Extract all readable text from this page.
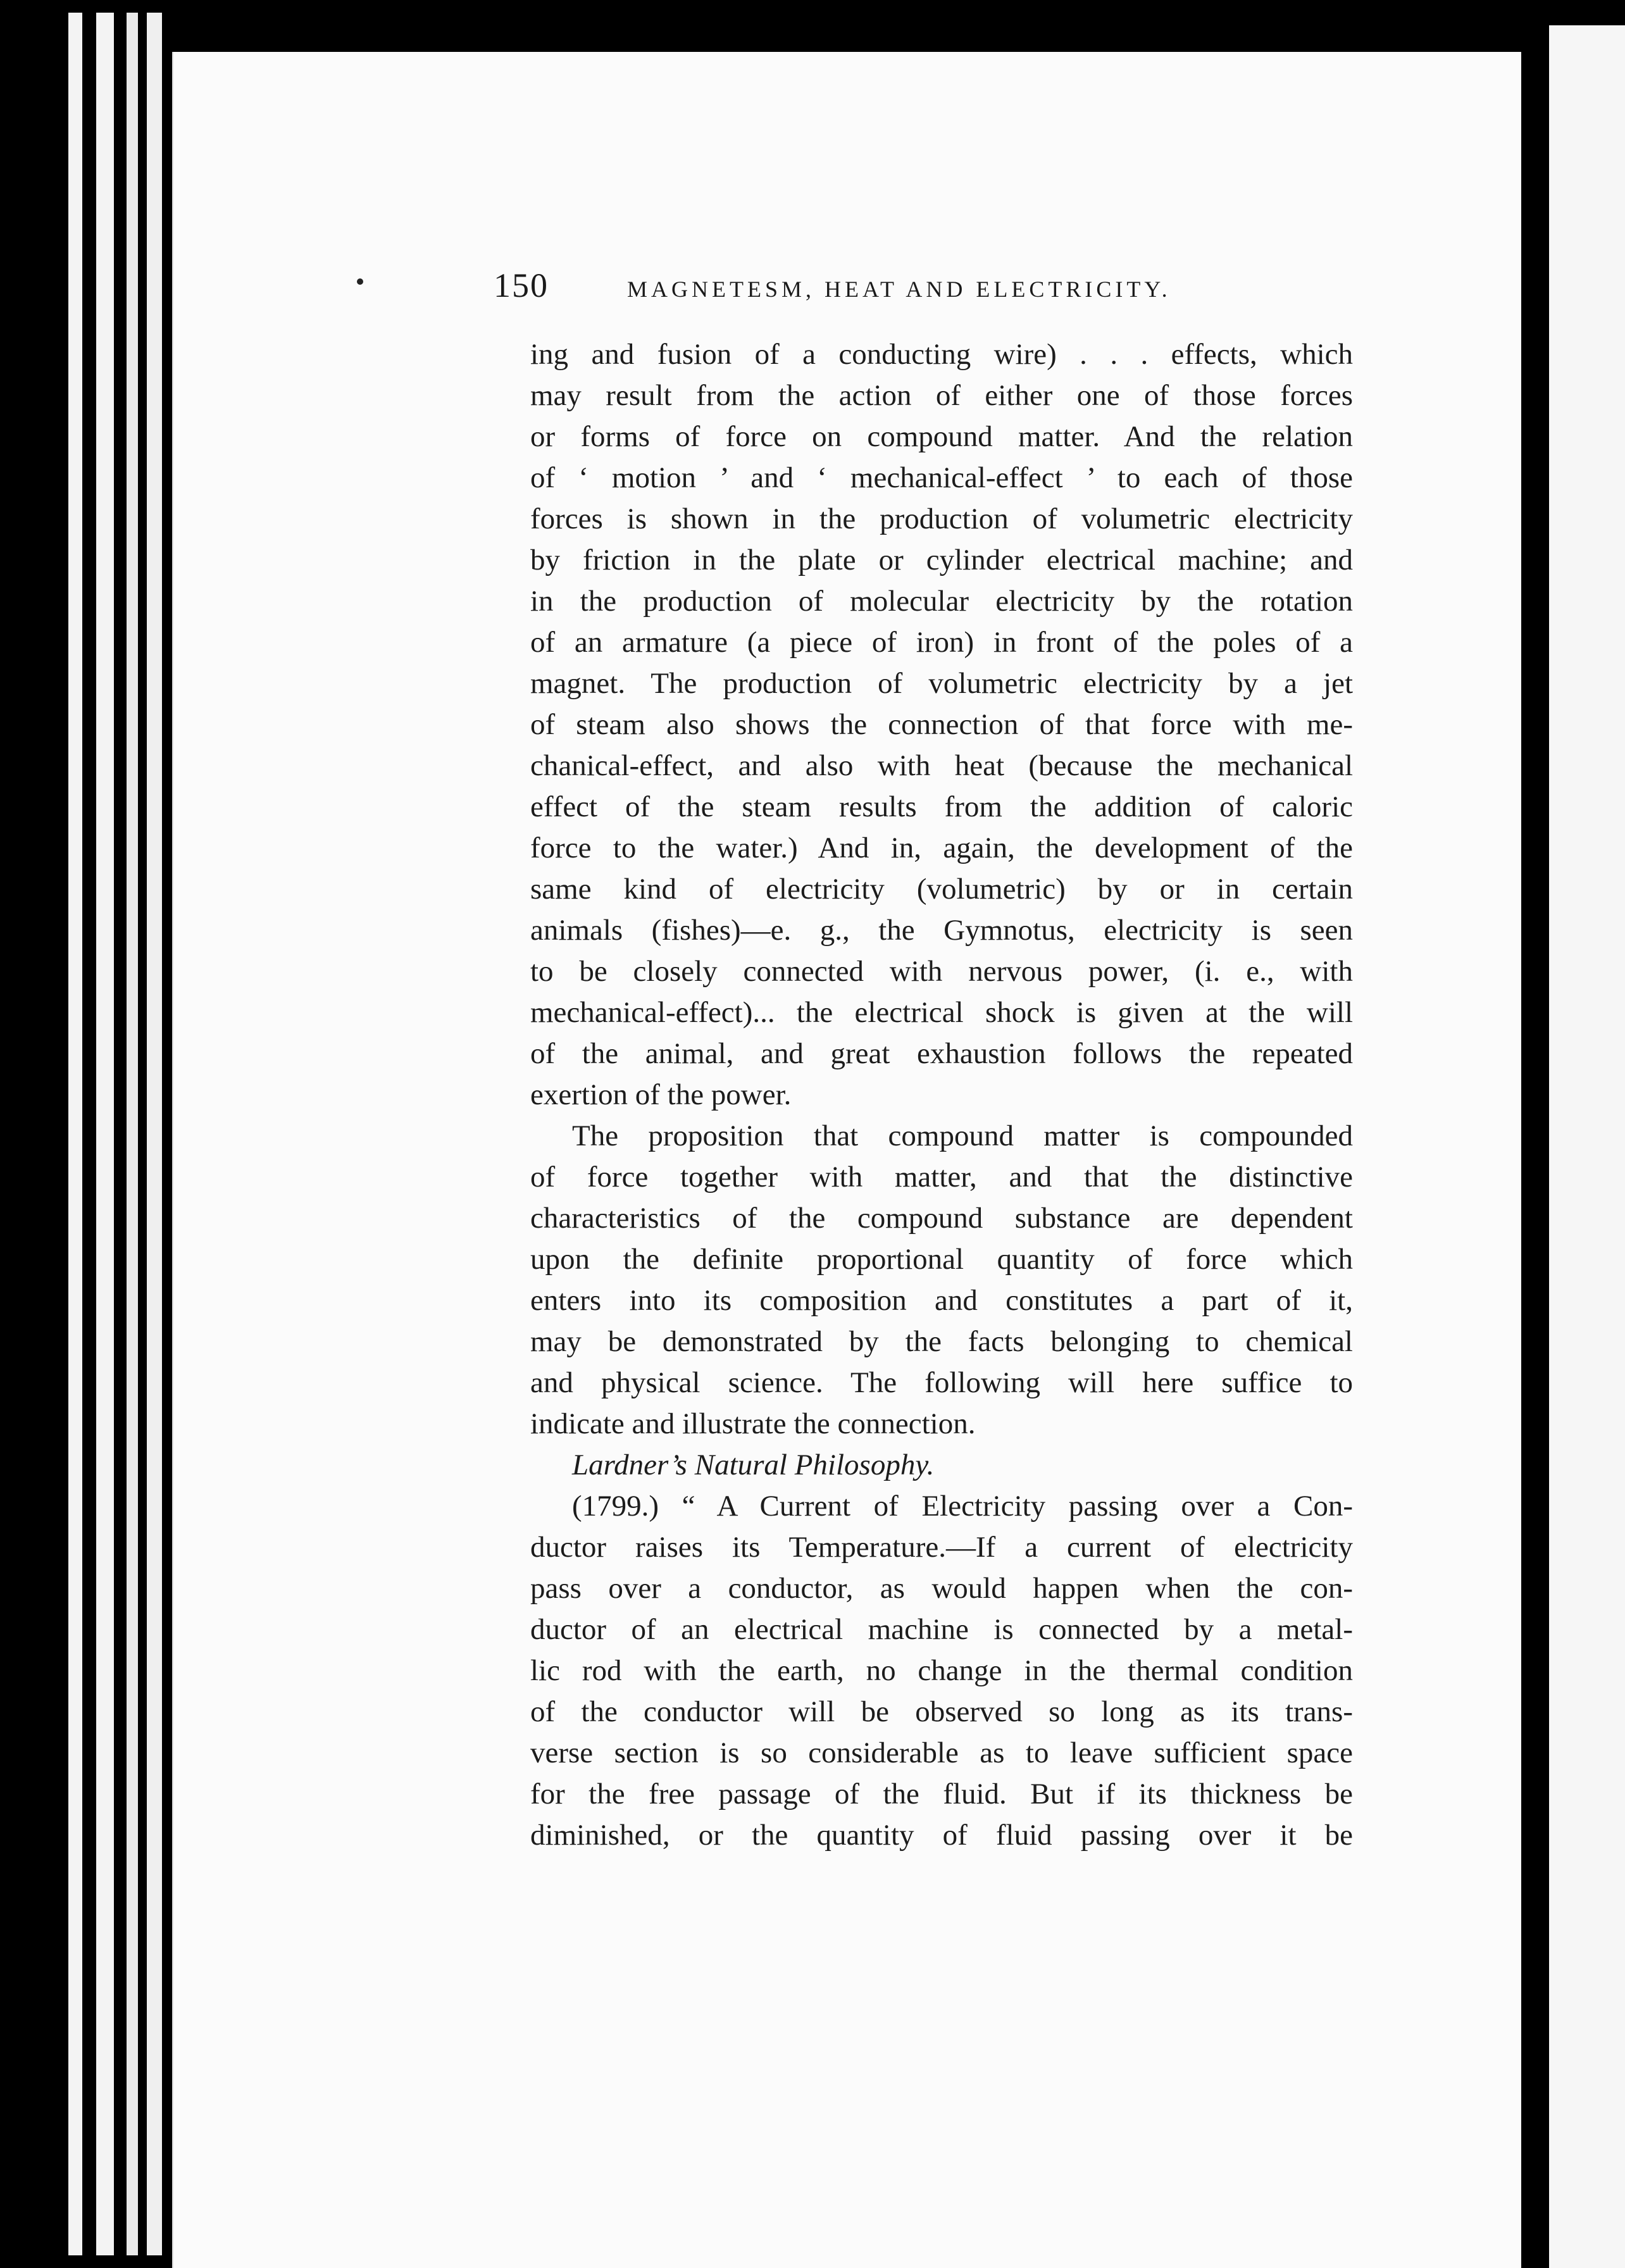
150	MAGNETESM, HEAT AND ELECTRICITY.
ing and fusion of a conducting wire) . . . effects, which
may result from the action of either one of those forces
or forms of force on compound matter. And the relation
of ‘ motion ’ and ‘ mechanical-effect ’ to each of those
forces is shown in the production of volumetric electricity
by friction in the plate or cylinder electrical machine; and
in the production of molecular electricity by the rotation
of an armature (a piece of iron) in front of the poles of a
magnet. The production of volumetric electricity by a jet
of steam also shows the connection of that force with me-
chanical-effect, and also with heat (because the mechanical
effect of the steam results from the addition of caloric
force to the water.) And in, again, the development of the
same kind of electricity (volumetric) by or in certain
animals (fishes)—e. g., the Gymnotus, electricity is seen
to be closely connected with nervous power, (i. e., with
mechanical-effect)... the electrical shock is given at the will
of the animal, and great exhaustion follows the repeated
exertion of the power.
The proposition that compound matter is compounded
of force together with matter, and that the distinctive
characteristics of the compound substance are dependent
upon the definite proportional quantity of force which
enters into its composition and constitutes a part of it,
may be demonstrated by the facts belonging to chemical
and physical science. The following will here suffice to
indicate and illustrate the connection.
Lardner’s Natural Philosophy.
(1799.) “ A Current of Electricity passing over a Con-
ductor raises its Temperature.—If a current of electricity
pass over a conductor, as would happen when the con-
ductor of an electrical machine is connected by a metal-
lic rod with the earth, no change in the thermal condition
of the conductor will be observed so long as its trans-
verse section is so considerable as to leave sufficient space
for the free passage of the fluid. But if its thickness be
diminished, or the quantity of fluid passing over it be
